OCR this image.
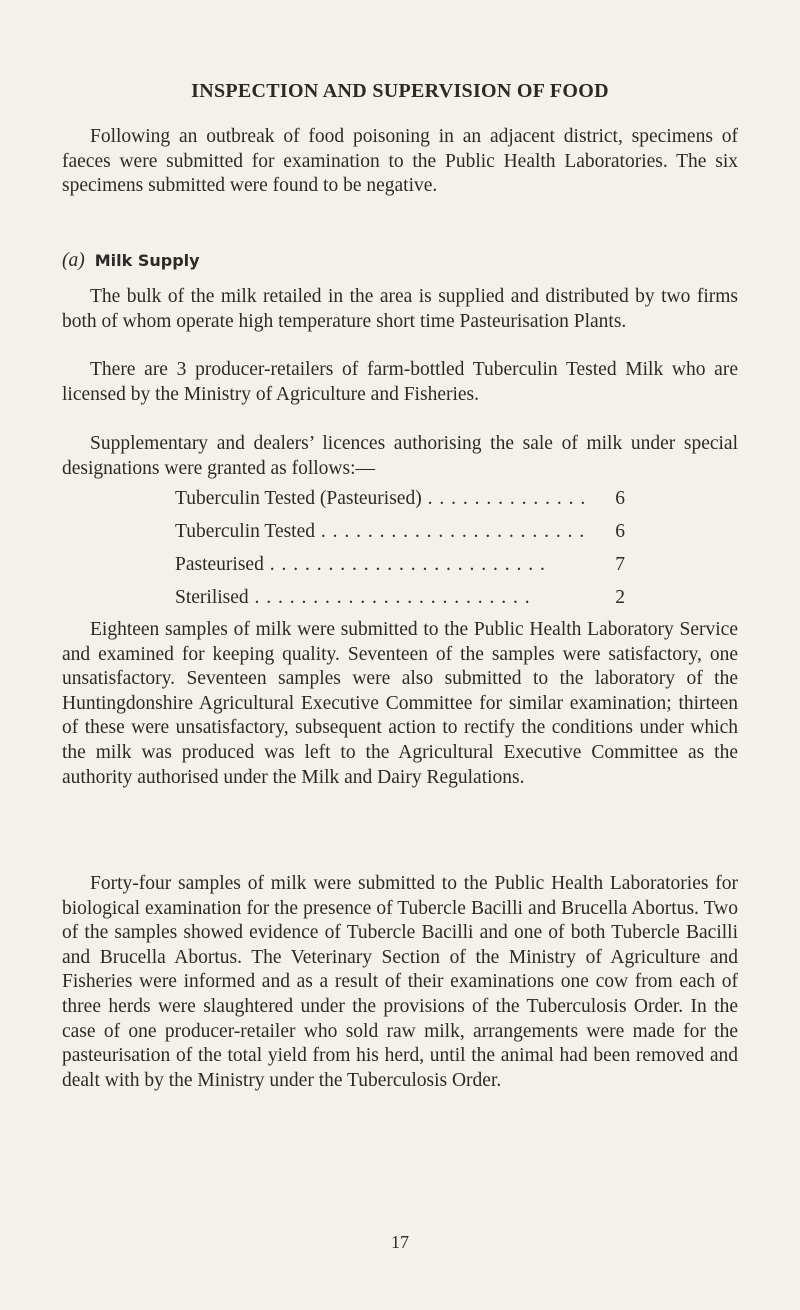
INSPECTION AND SUPERVISION OF FOOD

Following an outbreak of food poisoning in an adjacent district, specimens of faeces were submitted for examination to the Public Health Laboratories. The six specimens submitted were found to be negative.

(a) Milk Supply

The bulk of the milk retailed in the area is supplied and distributed by two firms both of whom operate high temperature short time Pasteurisation Plants.

There are 3 producer-retailers of farm-bottled Tuberculin Tested Milk who are licensed by the Ministry of Agriculture and Fisheries.

Supplementary and dealers’ licences authorising the sale of milk under special designations were granted as follows:—

Tuberculin Tested (Pasteurised) . . .	6
Tuberculin Tested . . .	6
Pasteurised . . .	7
Sterilised . . .	2

Eighteen samples of milk were submitted to the Public Health Laboratory Service and examined for keeping quality. Seventeen of the samples were satisfactory, one unsatisfactory. Seventeen samples were also submitted to the laboratory of the Huntingdonshire Agricultural Executive Committee for similar examination; thirteen of these were unsatisfactory, subsequent action to rectify the conditions under which the milk was produced was left to the Agricultural Executive Committee as the authority authorised under the Milk and Dairy Regulations.

Forty-four samples of milk were submitted to the Public Health Laboratories for biological examination for the presence of Tubercle Bacilli and Brucella Abortus. Two of the samples showed evidence of Tubercle Bacilli and one of both Tubercle Bacilli and Brucella Abortus. The Veterinary Section of the Ministry of Agriculture and Fisheries were informed and as a result of their examinations one cow from each of three herds were slaughtered under the provisions of the Tuberculosis Order. In the case of one producer-retailer who sold raw milk, arrangements were made for the pasteurisation of the total yield from his herd, until the animal had been removed and dealt with by the Ministry under the Tuberculosis Order.

17
